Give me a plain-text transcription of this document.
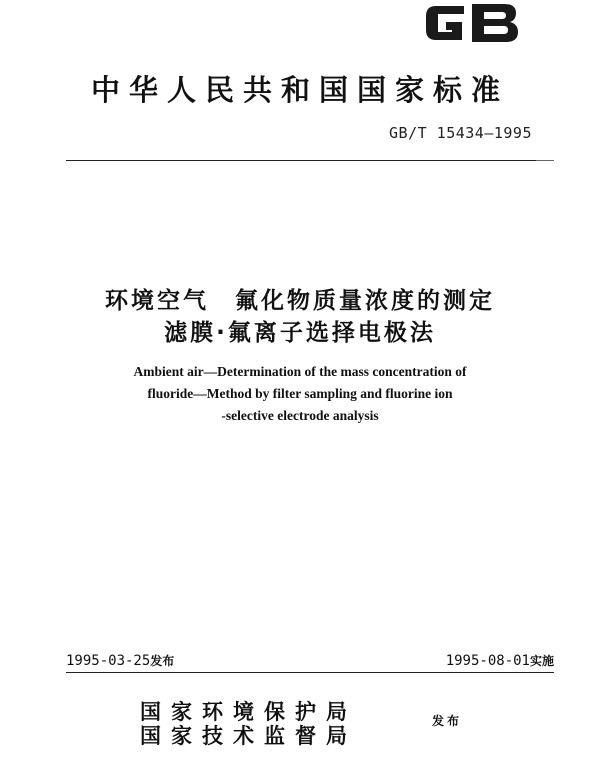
中华人民共和国国家标准
GB/T 15434—1995
环境空气　氟化物质量浓度的测定
滤膜·氟离子选择电极法
Ambient air—Determination of the mass concentration of
fluoride—Method by filter sampling and fluorine ion
-selective electrode analysis
1995-03-25发布	1995-08-01实施
国家环境保护局
国家技术监督局
发布
